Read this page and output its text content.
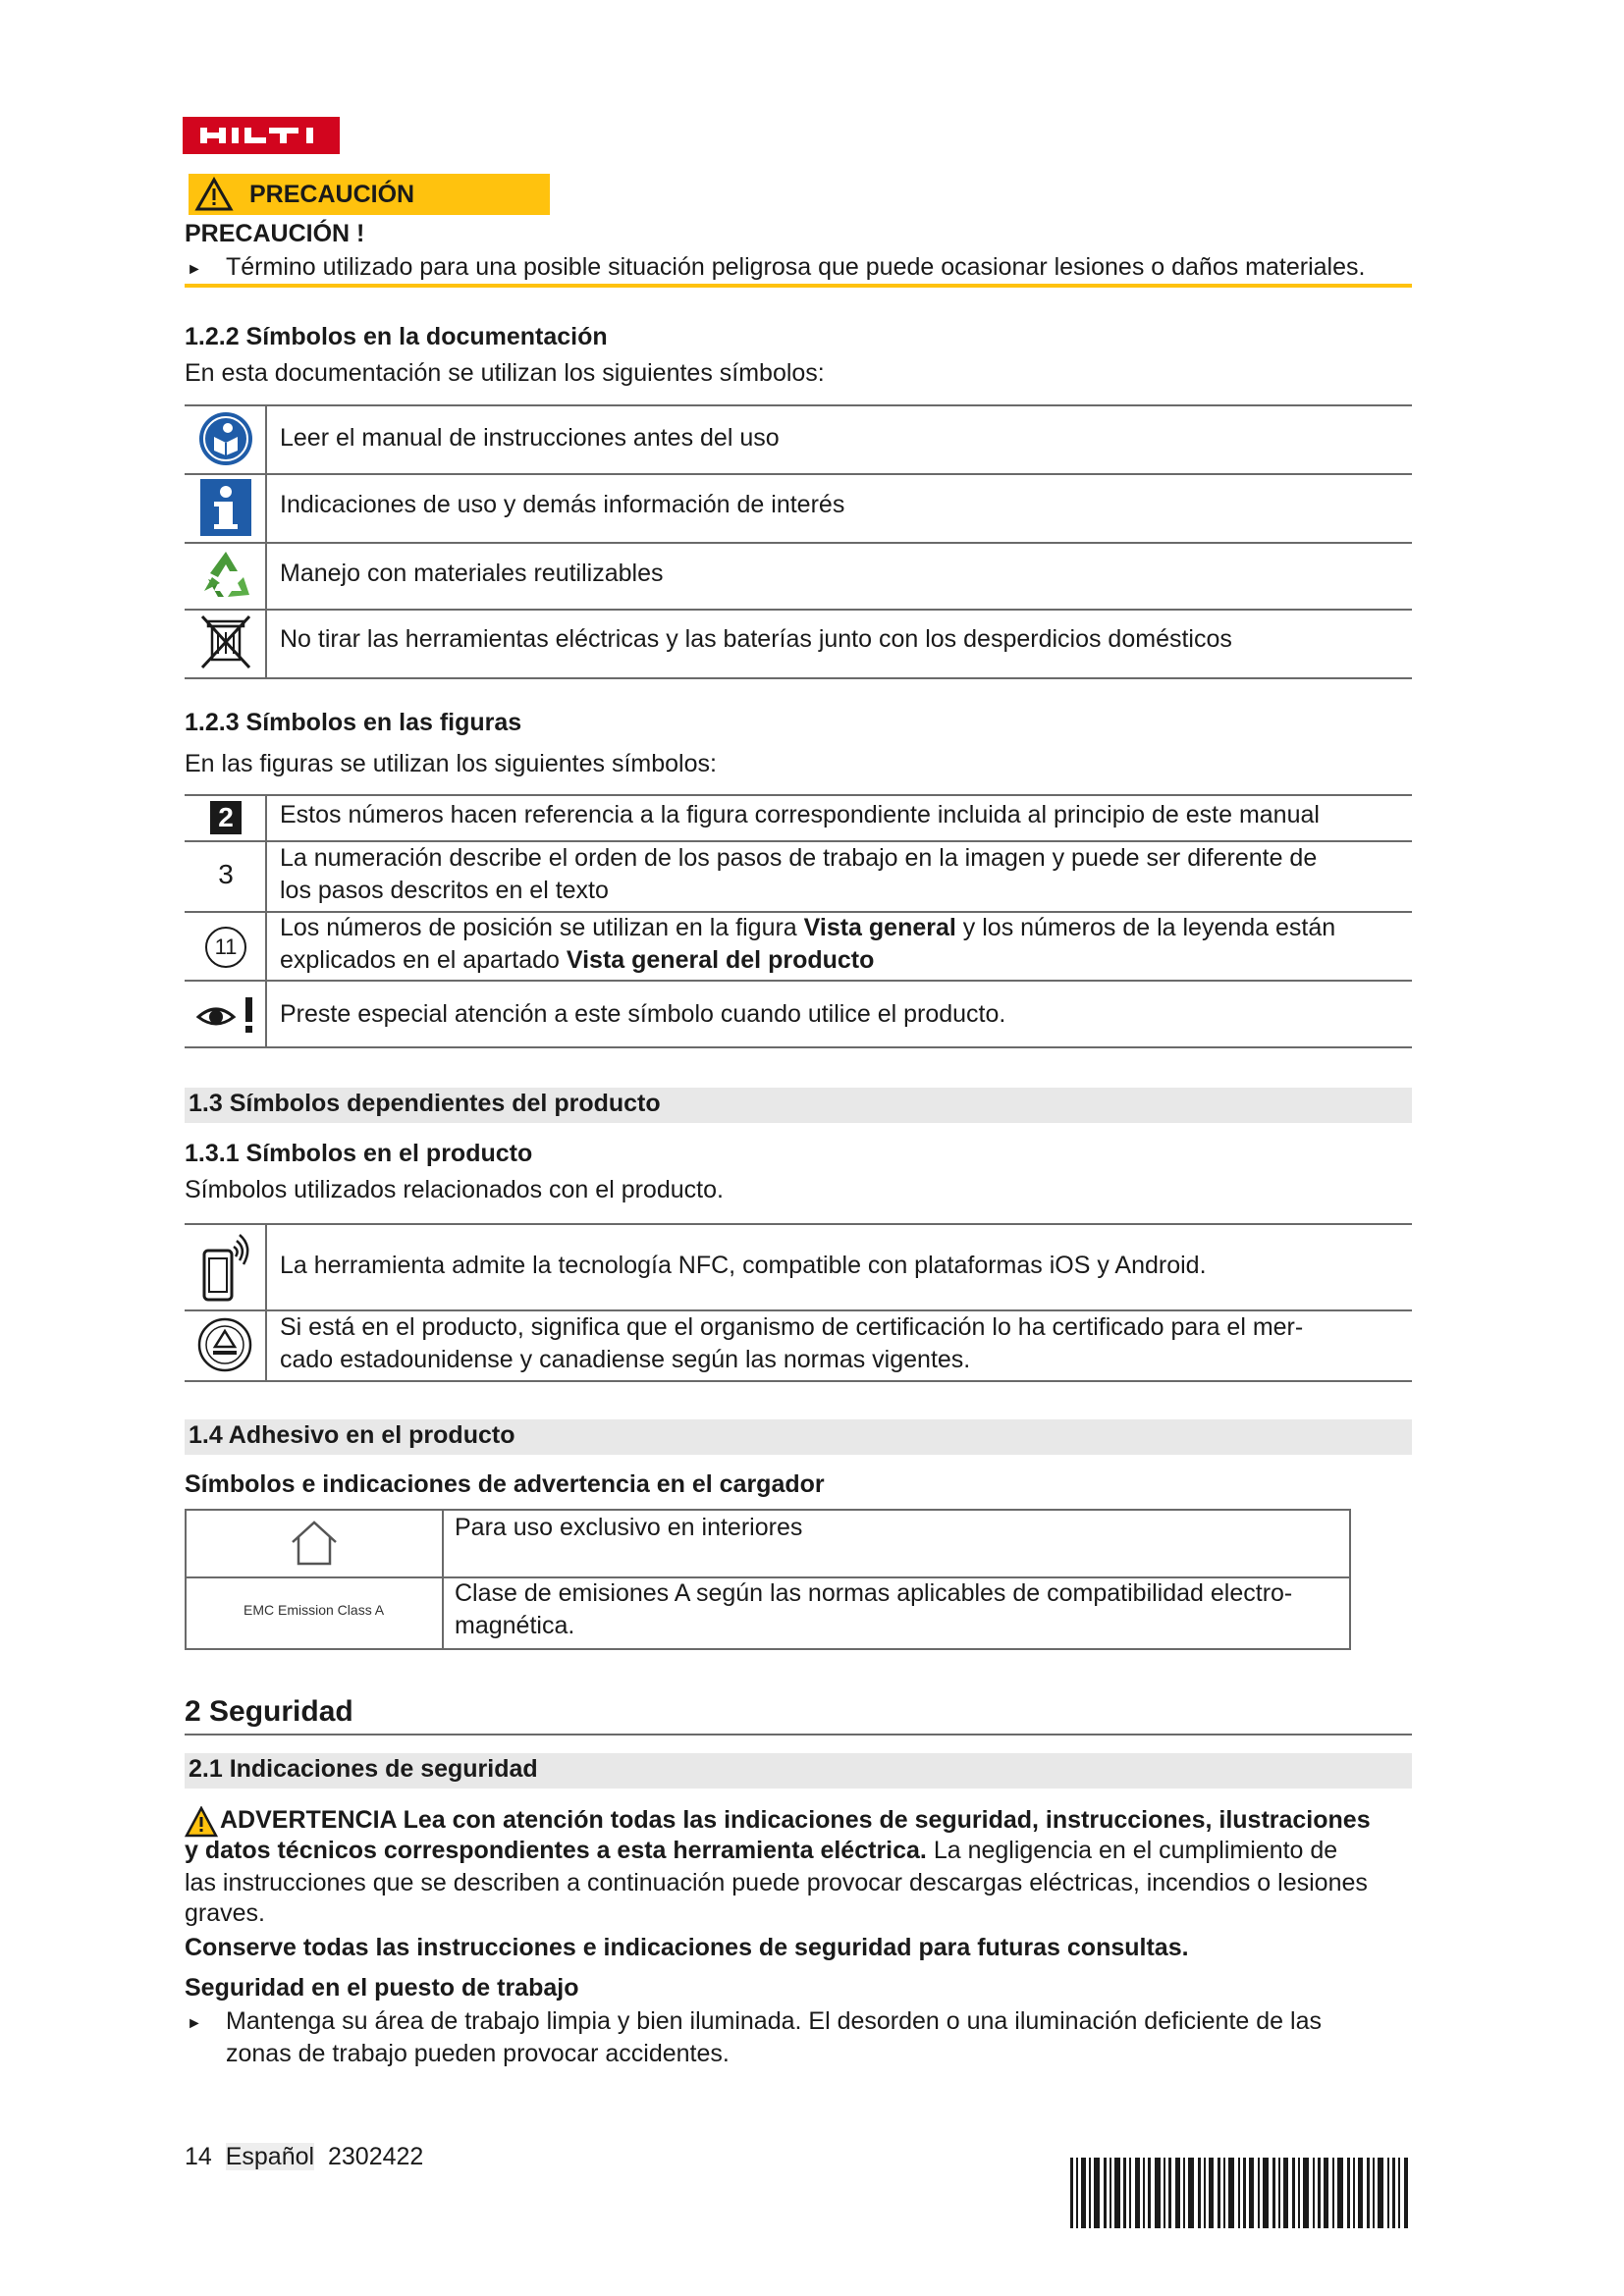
PRECAUCIÓN
PRECAUCIÓN !
► Término utilizado para una posible situación peligrosa que puede ocasionar lesiones o daños materiales.
1.2.2 Símbolos en la documentación
En esta documentación se utilizan los siguientes símbolos:
Leer el manual de instrucciones antes del uso
Indicaciones de uso y demás información de interés
Manejo con materiales reutilizables
No tirar las herramientas eléctricas y las baterías junto con los desperdicios domésticos
1.2.3 Símbolos en las figuras
En las figuras se utilizan los siguientes símbolos:
2	Estos números hacen referencia a la figura correspondiente incluida al principio de este manual
3
La numeración describe el orden de los pasos de trabajo en la imagen y puede ser diferente de
los pasos descritos en el texto
11
Los números de posición se utilizan en la figura Vista general y los números de la leyenda están
explicados en el apartado Vista general del producto
Preste especial atención a este símbolo cuando utilice el producto.
1.3 Símbolos dependientes del producto
1.3.1 Símbolos en el producto
Símbolos utilizados relacionados con el producto.
La herramienta admite la tecnología NFC, compatible con plataformas iOS y Android.
Si está en el producto, significa que el organismo de certificación lo ha certificado para el mer-
cado estadounidense y canadiense según las normas vigentes.
1.4 Adhesivo en el producto
Símbolos e indicaciones de advertencia en el cargador
Para uso exclusivo en interiores
EMC Emission Class A
Clase de emisiones A según las normas aplicables de compatibilidad electro-
magnética.
2 Seguridad
2.1 Indicaciones de seguridad
ADVERTENCIA Lea con atención todas las indicaciones de seguridad, instrucciones, ilustraciones
y datos técnicos correspondientes a esta herramienta eléctrica. La negligencia en el cumplimiento de
las instrucciones que se describen a continuación puede provocar descargas eléctricas, incendios o lesiones
graves.
Conserve todas las instrucciones e indicaciones de seguridad para futuras consultas.
Seguridad en el puesto de trabajo
► Mantenga su área de trabajo limpia y bien iluminada. El desorden o una iluminación deficiente de las
zonas de trabajo pueden provocar accidentes.
14 Español 2302422
